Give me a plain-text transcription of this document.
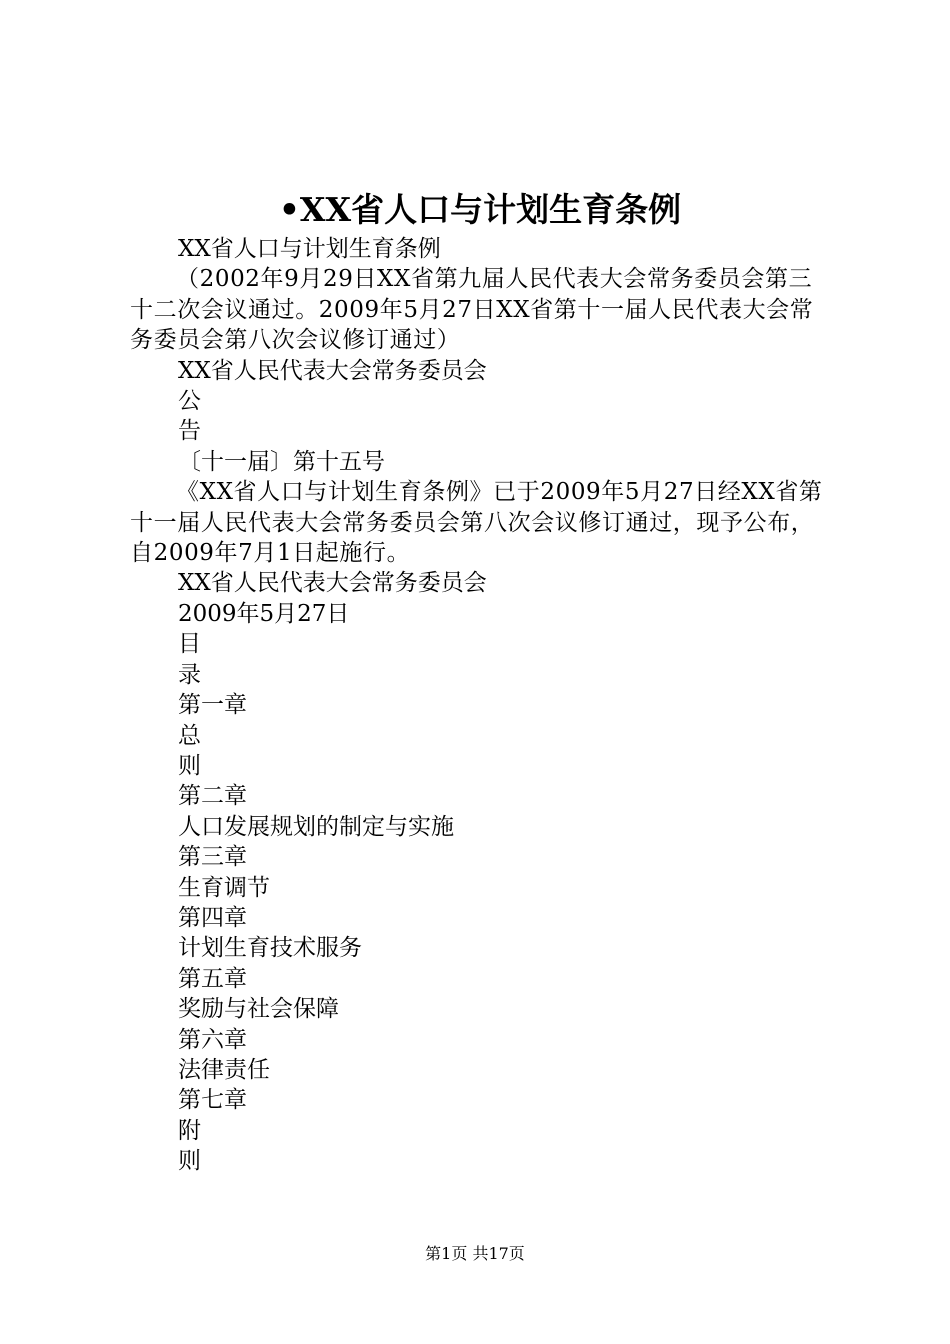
•XX省人口与计划生育条例

XX省人口与计划生育条例

（2002年9月29日XX省第九届人民代表大会常务委员会第三十二次会议通过。2009年5月27日XX省第十一届人民代表大会常务委员会第八次会议修订通过）

XX省人民代表大会常务委员会

公

告

〔十一届〕第十五号

《XX省人口与计划生育条例》已于2009年5月27日经XX省第十一届人民代表大会常务委员会第八次会议修订通过，现予公布，自2009年7月1日起施行。

XX省人民代表大会常务委员会

2009年5月27日

目

录

第一章

总

则

第二章

人口发展规划的制定与实施

第三章

生育调节

第四章

计划生育技术服务

第五章

奖励与社会保障

第六章

法律责任

第七章

附

则

第1页 共17页
